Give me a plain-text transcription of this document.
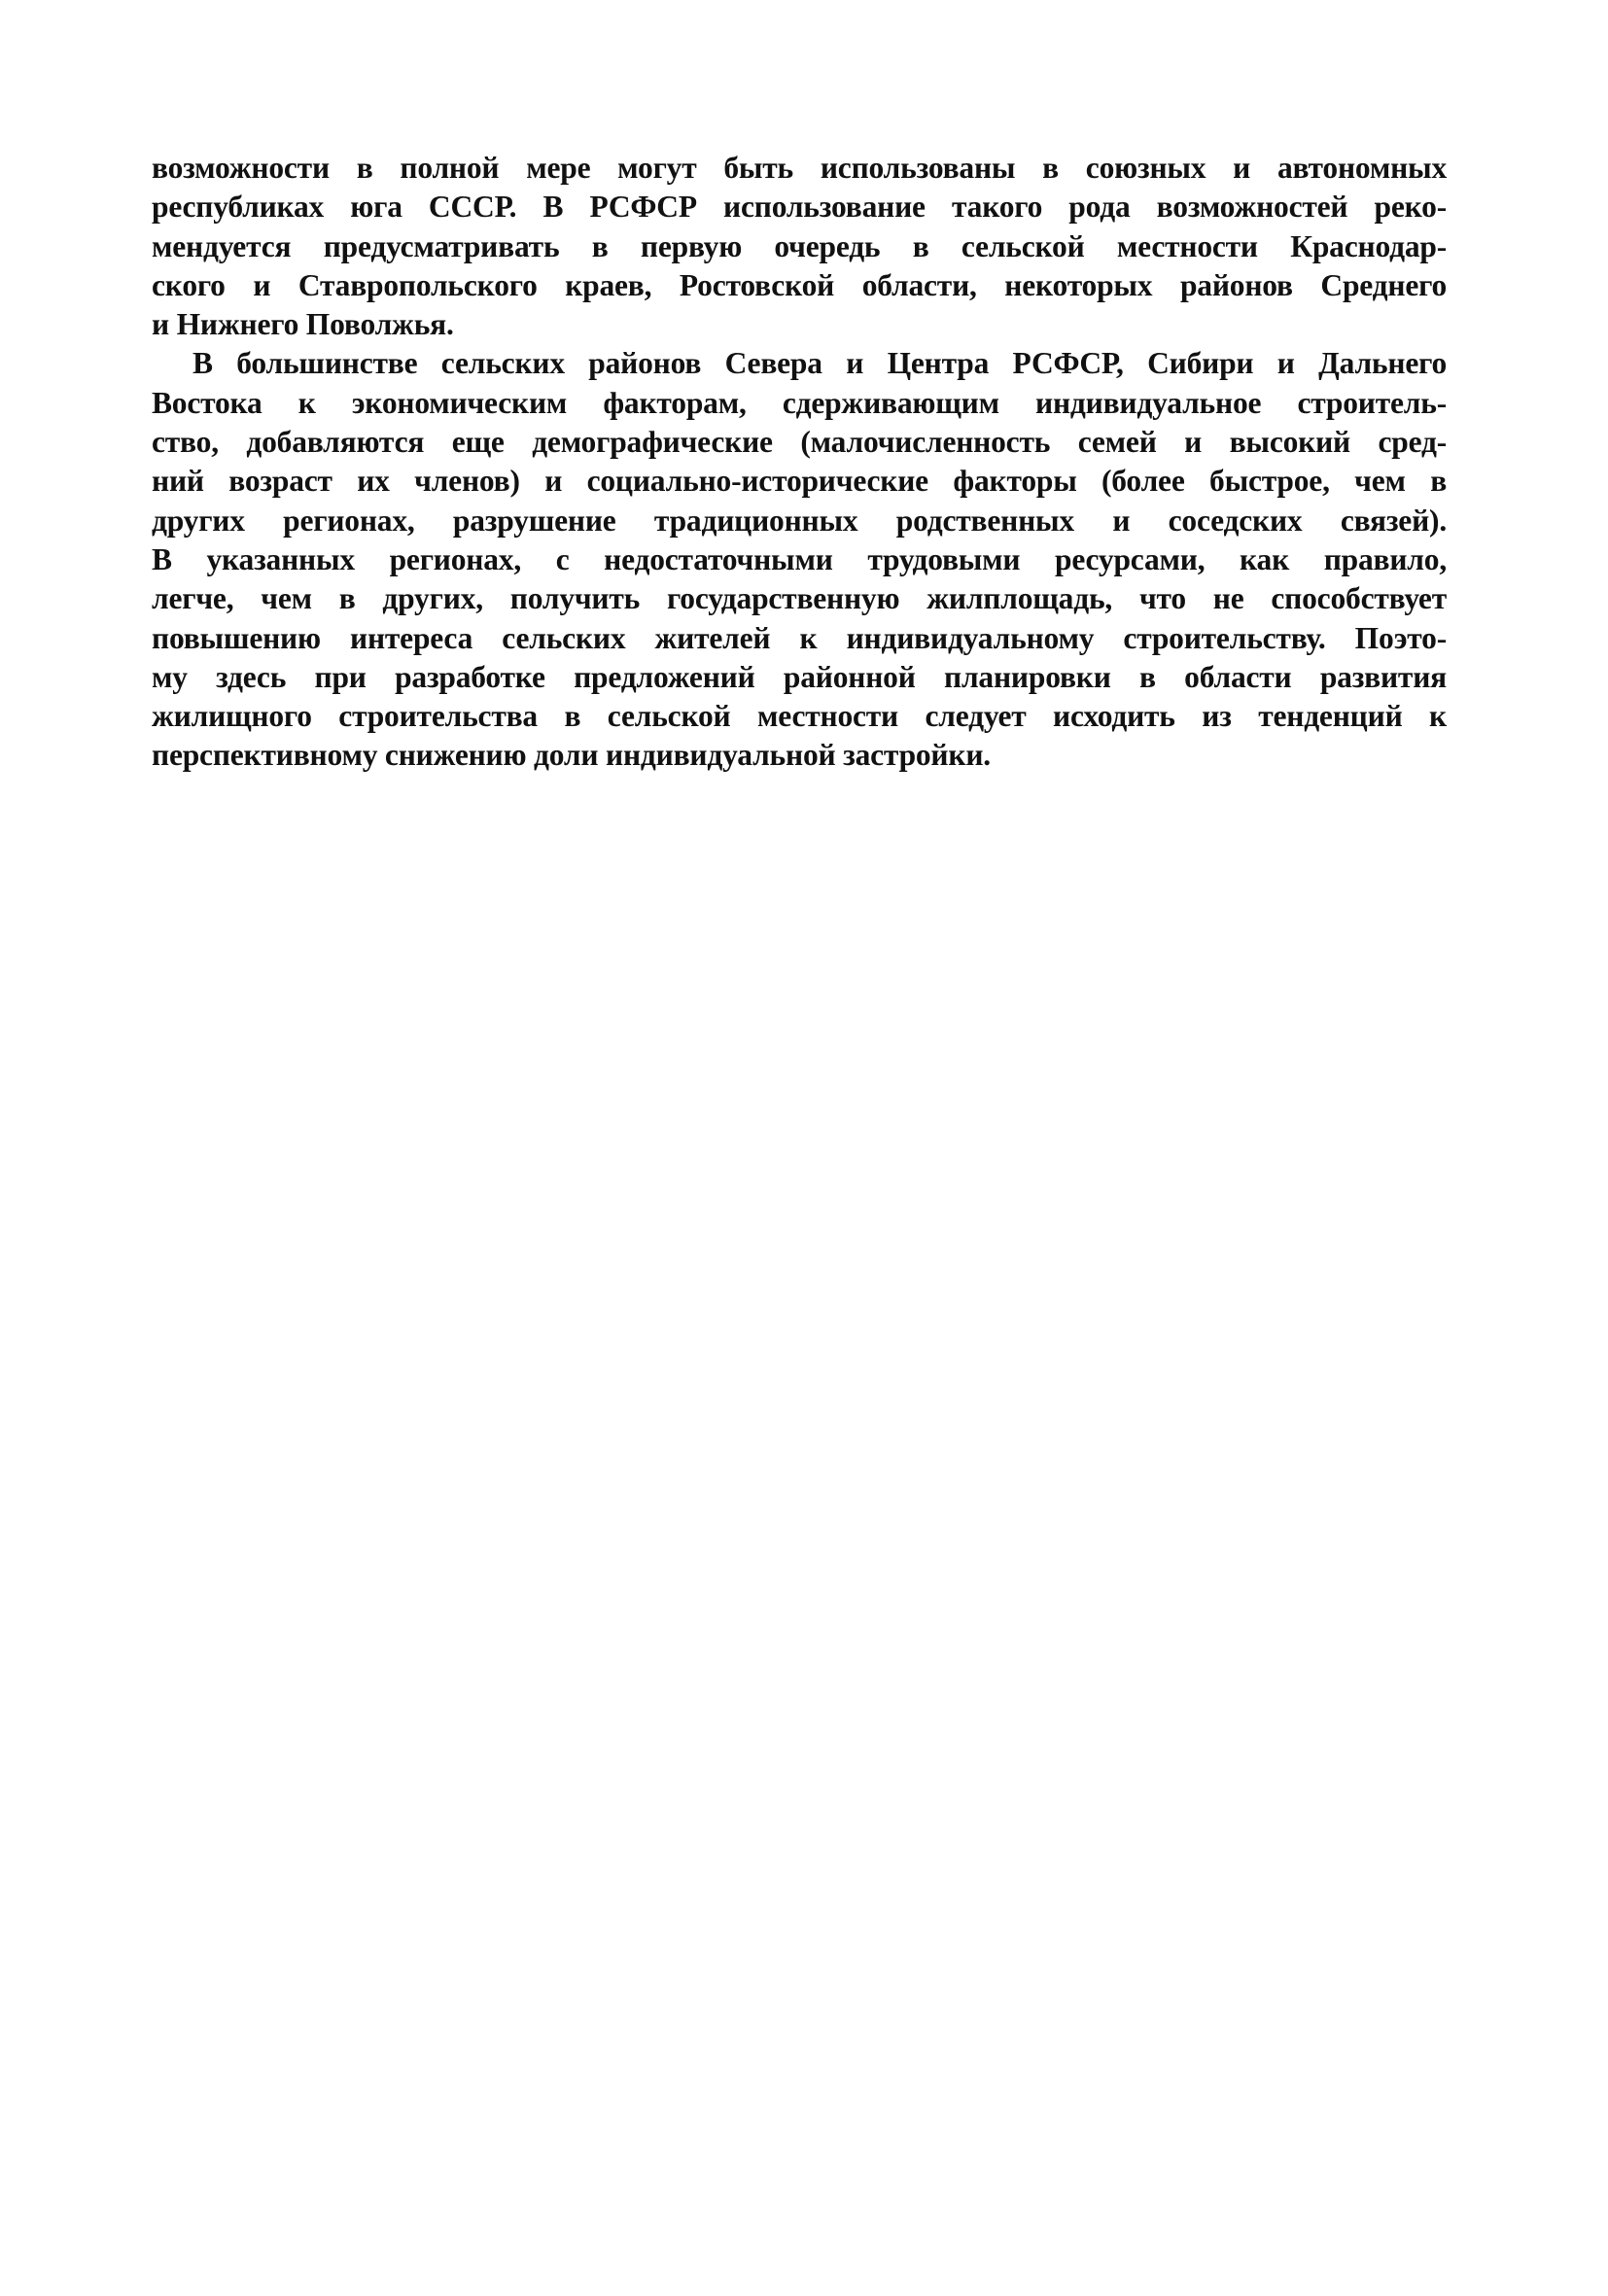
возможности в полной мере могут быть использованы в союзных и автономных
республиках юга СССР. В РСФСР использование такого рода возможностей реко-
мендуется предусматривать в первую очередь в сельской местности Краснодар-
ского и Ставропольского краев, Ростовской области, некоторых районов Среднего
и Нижнего Поволжья.
В большинстве сельских районов Севера и Центра РСФСР, Сибири и Дальнего
Востока к экономическим факторам, сдерживающим индивидуальное строитель-
ство, добавляются еще демографические (малочисленность семей и высокий сред-
ний возраст их членов) и социально-исторические факторы (более быстрое, чем в
других регионах, разрушение традиционных родственных и соседских связей).
В указанных регионах, с недостаточными трудовыми ресурсами, как правило,
легче, чем в других, получить государственную жилплощадь, что не способствует
повышению интереса сельских жителей к индивидуальному строительству. Поэто-
му здесь при разработке предложений районной планировки в области развития
жилищного строительства в сельской местности следует исходить из тенденций к
перспективному снижению доли индивидуальной застройки.
